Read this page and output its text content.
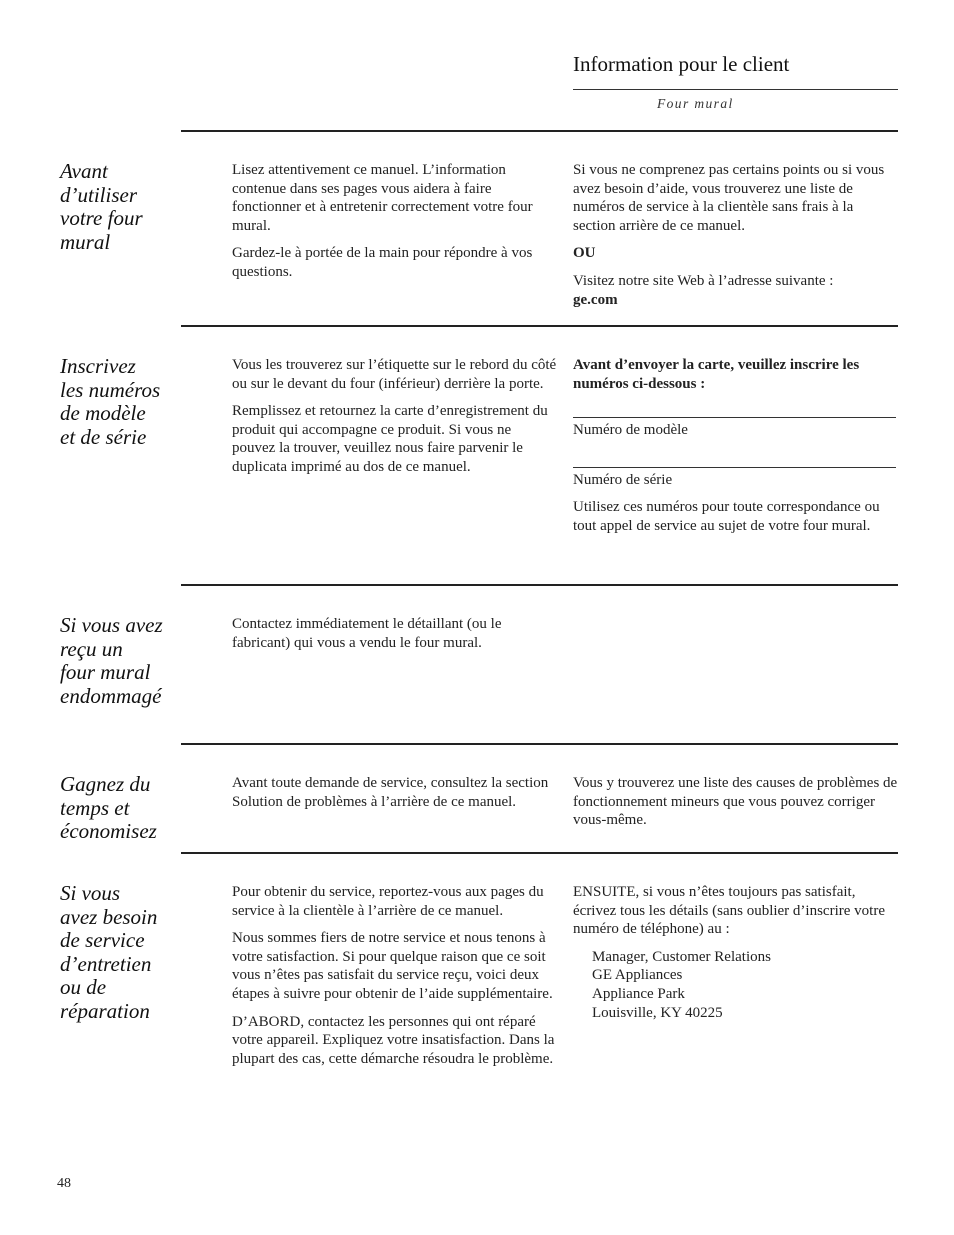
Information pour le client
Four mural
Avant
d’utiliser
votre four
mural

Lisez attentivement ce manuel. L’information contenue dans ses pages vous aidera à faire fonctionner et à entretenir correctement votre four mural.

Gardez-le à portée de la main pour répondre à vos questions.

Si vous ne comprenez pas certains points ou si vous avez besoin d’aide, vous trouverez une liste de numéros de service à la clientèle sans frais à la section arrière de ce manuel.

OU

Visitez notre site Web à l’adresse suivante :

ge.com

Inscrivez
les numéros
de modèle
et de série

Vous les trouverez sur l’étiquette sur le rebord du côté ou sur le devant du four (inférieur) derrière la porte.

Remplissez et retournez la carte d’enregistrement du produit qui accompagne ce produit. Si vous ne pouvez la trouver, veuillez nous faire parvenir le duplicata imprimé au dos de ce manuel.

Avant d’envoyer la carte, veuillez inscrire les numéros ci-dessous :

Numéro de modèle

Numéro de série

Utilisez ces numéros pour toute correspondance ou tout appel de service au sujet de votre four mural.

Si vous avez
reçu un
four mural
endommagé

Contactez immédiatement le détaillant (ou le fabricant) qui vous a vendu le four mural.

Gagnez du
temps et
économisez

Avant toute demande de service, consultez la section Solution de problèmes à l’arrière de ce manuel.

Vous y trouverez une liste des causes de problèmes de fonctionnement mineurs que vous pouvez corriger vous-même.

Si vous
avez besoin
de service
d’entretien
ou de
réparation

Pour obtenir du service, reportez-vous aux pages du service à la clientèle à l’arrière de ce manuel.

Nous sommes fiers de notre service et nous tenons à votre satisfaction. Si pour quelque raison que ce soit vous n’êtes pas satisfait du service reçu, voici deux étapes à suivre pour obtenir de l’aide supplémentaire.

D’ABORD, contactez les personnes qui ont réparé votre appareil. Expliquez votre insatisfaction. Dans la plupart des cas, cette démarche résoudra le problème.

ENSUITE, si vous n’êtes toujours pas satisfait, écrivez tous les détails (sans oublier d’inscrire votre numéro de téléphone) au :

Manager, Customer Relations
GE Appliances
Appliance Park
Louisville, KY 40225
48
